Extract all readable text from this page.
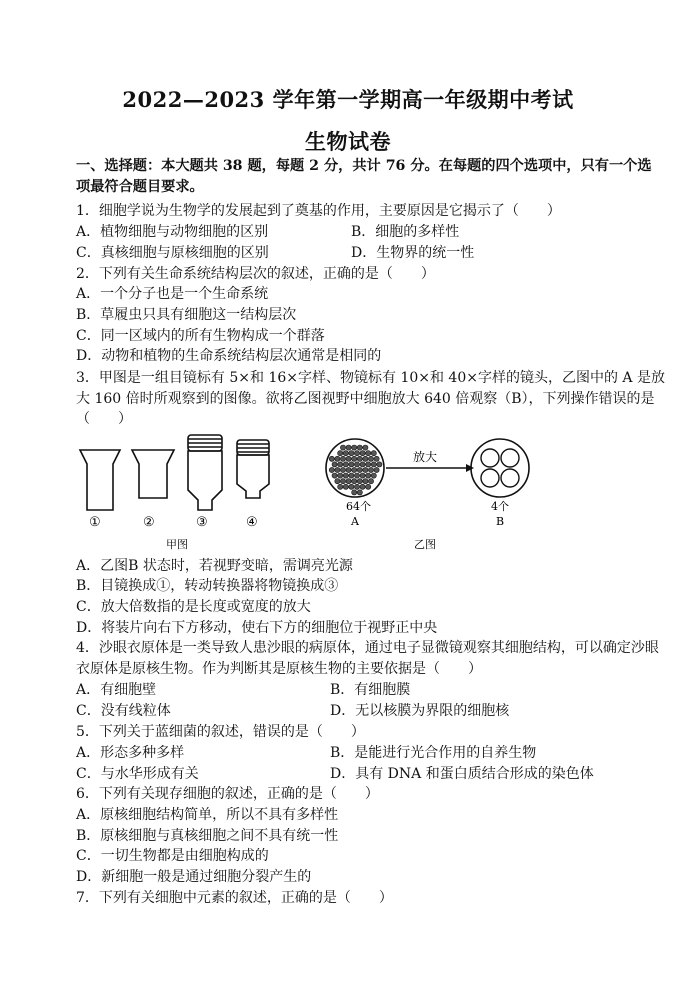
2022—2023 学年第一学期高一年级期中考试
生物试卷
一、选择题：本大题共 38 题，每题 2 分，共计 76 分。在每题的四个选项中，只有一个选项最符合题目要求。
1．细胞学说为生物学的发展起到了奠基的作用，主要原因是它揭示了（　　）
A．植物细胞与动物细胞的区别	B．细胞的多样性
C．真核细胞与原核细胞的区别	D．生物界的统一性
2．下列有关生命系统结构层次的叙述，正确的是（　　）
A．一个分子也是一个生命系统
B．草履虫只具有细胞这一结构层次
C．同一区域内的所有生物构成一个群落
D．动物和植物的生命系统结构层次通常是相同的
3．甲图是一组目镜标有 5×和 16×字样、物镜标有 10×和 40×字样的镜头，乙图中的 A 是放大 160 倍时所观察到的图像。欲将乙图视野中细胞放大 640 倍观察（B），下列操作错误的是（　　）
①	②	③	④
甲图
放大
64个
A
4个
B
乙图
A．乙图B 状态时，若视野变暗，需调亮光源
B．目镜换成①，转动转换器将物镜换成③
C．放大倍数指的是长度或宽度的放大
D．将装片向右下方移动，使右下方的细胞位于视野正中央
4．沙眼衣原体是一类导致人患沙眼的病原体，通过电子显微镜观察其细胞结构，可以确定沙眼衣原体是原核生物。作为判断其是原核生物的主要依据是（　　）
A．有细胞壁	B．有细胞膜
C．没有线粒体	D．无以核膜为界限的细胞核
5．下列关于蓝细菌的叙述，错误的是（　　）
A．形态多种多样	B．是能进行光合作用的自养生物
C．与水华形成有关	D．具有 DNA 和蛋白质结合形成的染色体
6．下列有关现存细胞的叙述，正确的是（　　）
A．原核细胞结构简单，所以不具有多样性
B．原核细胞与真核细胞之间不具有统一性
C．一切生物都是由细胞构成的
D．新细胞一般是通过细胞分裂产生的
7．下列有关细胞中元素的叙述，正确的是（　　）
